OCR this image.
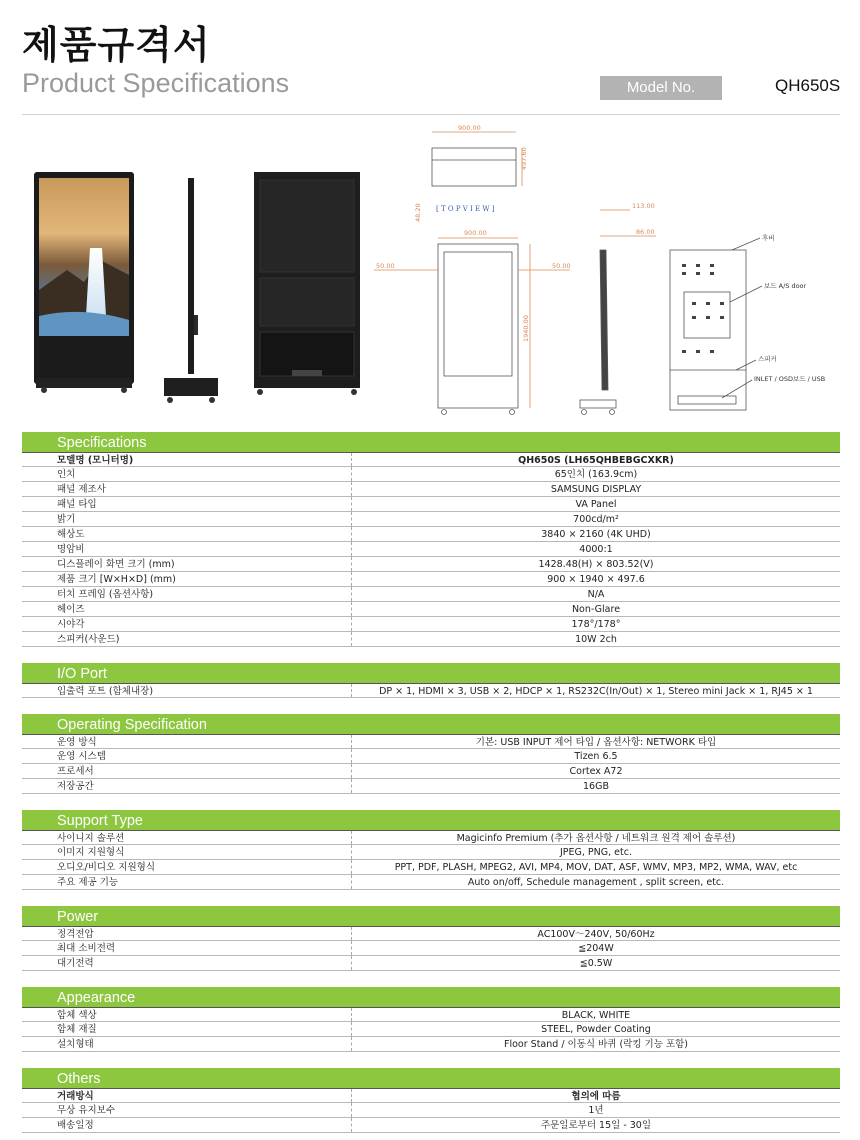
제품규격서
Product Specifications	Model No.	QH650S
900.00
497.60
[ T O P V I E W ]
48.20
900.00
50.00	50.00
1940.00
113.00
86.00
후버
보드 A/S door
스피커
INLET / OSD보드 / USB
Specifications
모델명 (모니터명)	QH650S (LH65QHBEBGCXKR)
인치	65인치 (163.9cm)
패널 제조사	SAMSUNG DISPLAY
패널 타입	VA Panel
밝기	700cd/m²
해상도	3840 × 2160 (4K UHD)
명암비	4000:1
디스플레이 화면 크기 (mm)	1428.48(H) × 803.52(V)
제품 크기 [W×H×D] (mm)	900 × 1940 × 497.6
터치 프레임 (옵션사항)	N/A
헤이즈	Non-Glare
시야각	178°/178°
스피커(사운드)	10W 2ch
I/O Port
입출력 포트 (함체내장)	DP × 1, HDMI × 3, USB × 2, HDCP × 1, RS232C(In/Out) × 1, Stereo mini Jack × 1, RJ45 × 1
Operating Specification
운영 방식	기본: USB INPUT 제어 타입 / 옵션사항: NETWORK 타입
운영 시스템	Tizen 6.5
프로세서	Cortex A72
저장공간	16GB
Support Type
사이니지 솔루션	Magicinfo Premium (추가 옵션사항 / 네트워크 원격 제어 솔루션)
이미지 지원형식	JPEG, PNG, etc.
오디오/비디오 지원형식	PPT, PDF, PLASH, MPEG2, AVI, MP4, MOV, DAT, ASF, WMV, MP3, MP2, WMA, WAV, etc
주요 제공 기능	Auto on/off, Schedule management , split screen, etc.
Power
정격전압	AC100V～240V, 50/60Hz
최대 소비전력	≦204W
대기전력	≦0.5W
Appearance
함체 색상	BLACK, WHITE
함체 재질	STEEL, Powder Coating
설치형태	Floor Stand / 이동식 바퀴 (락킹 기능 포함)
Others
거래방식	협의에 따름
무상 유지보수	1년
배송일정	주문일로부터 15일 - 30일
